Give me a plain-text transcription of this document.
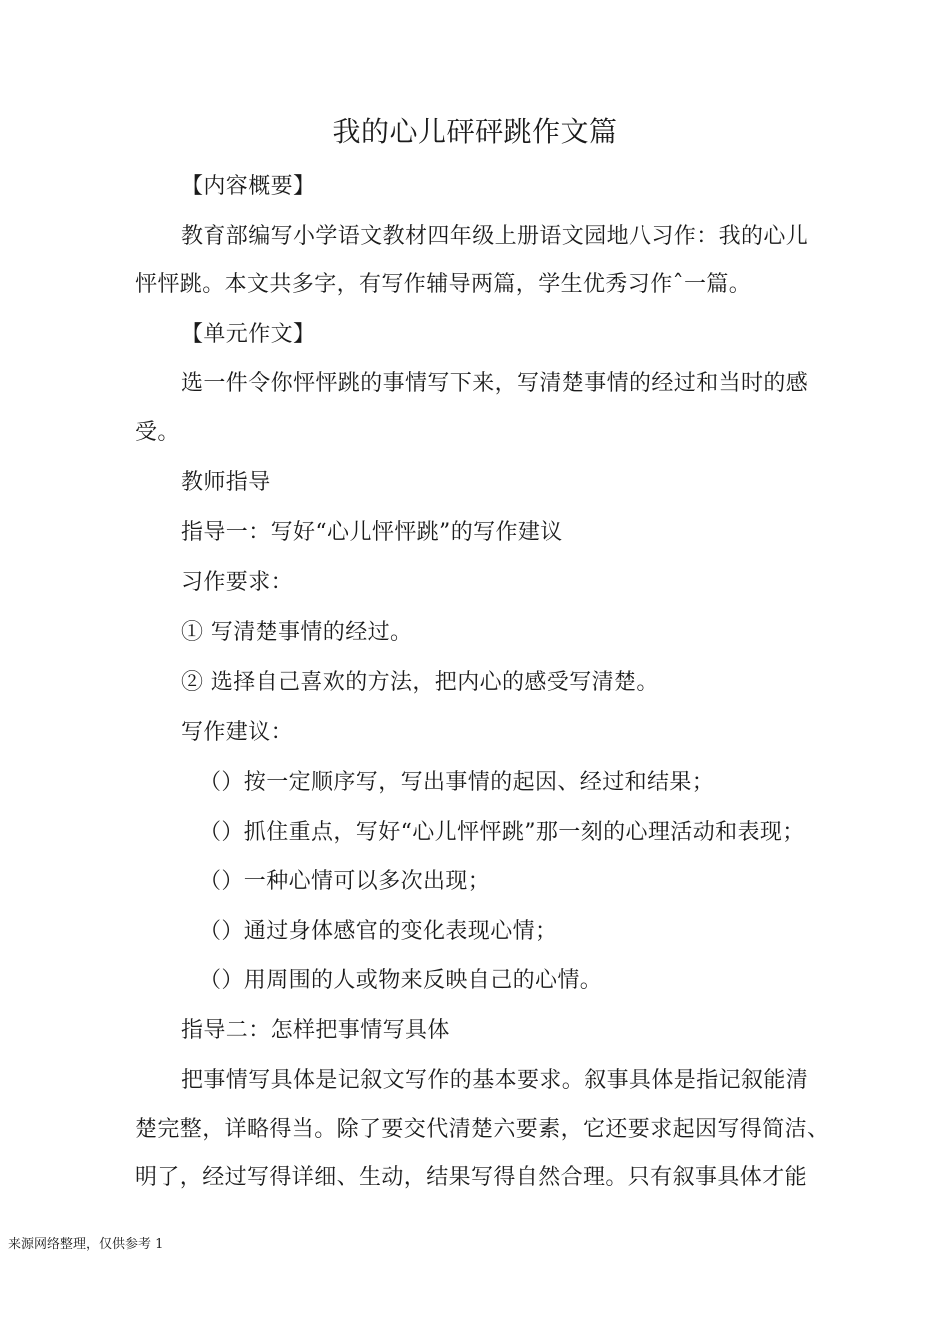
我的心儿砰砰跳作文篇
【内容概要】
教育部编写小学语文教材四年级上册语文园地八习作：我的心儿
怦怦跳。本文共多字，有写作辅导两篇，学生优秀习作ˆ一篇。
【单元作文】
选一件令你怦怦跳的事情写下来，写清楚事情的经过和当时的感
受。
教师指导
指导一：写好“心儿怦怦跳”的写作建议
习作要求：
① 写清楚事情的经过。
② 选择自己喜欢的方法，把内心的感受写清楚。
写作建议：
（）按一定顺序写，写出事情的起因、经过和结果；
（）抓住重点，写好“心儿怦怦跳”那一刻的心理活动和表现；
（）一种心情可以多次出现；
（）通过身体感官的变化表现心情；
（）用周围的人或物来反映自己的心情。
指导二：怎样把事情写具体
把事情写具体是记叙文写作的基本要求。叙事具体是指记叙能清
楚完整，详略得当。除了要交代清楚六要素，它还要求起因写得简洁、
明了，经过写得详细、生动，结果写得自然合理。只有叙事具体才能
来源网络整理，仅供参考 1
